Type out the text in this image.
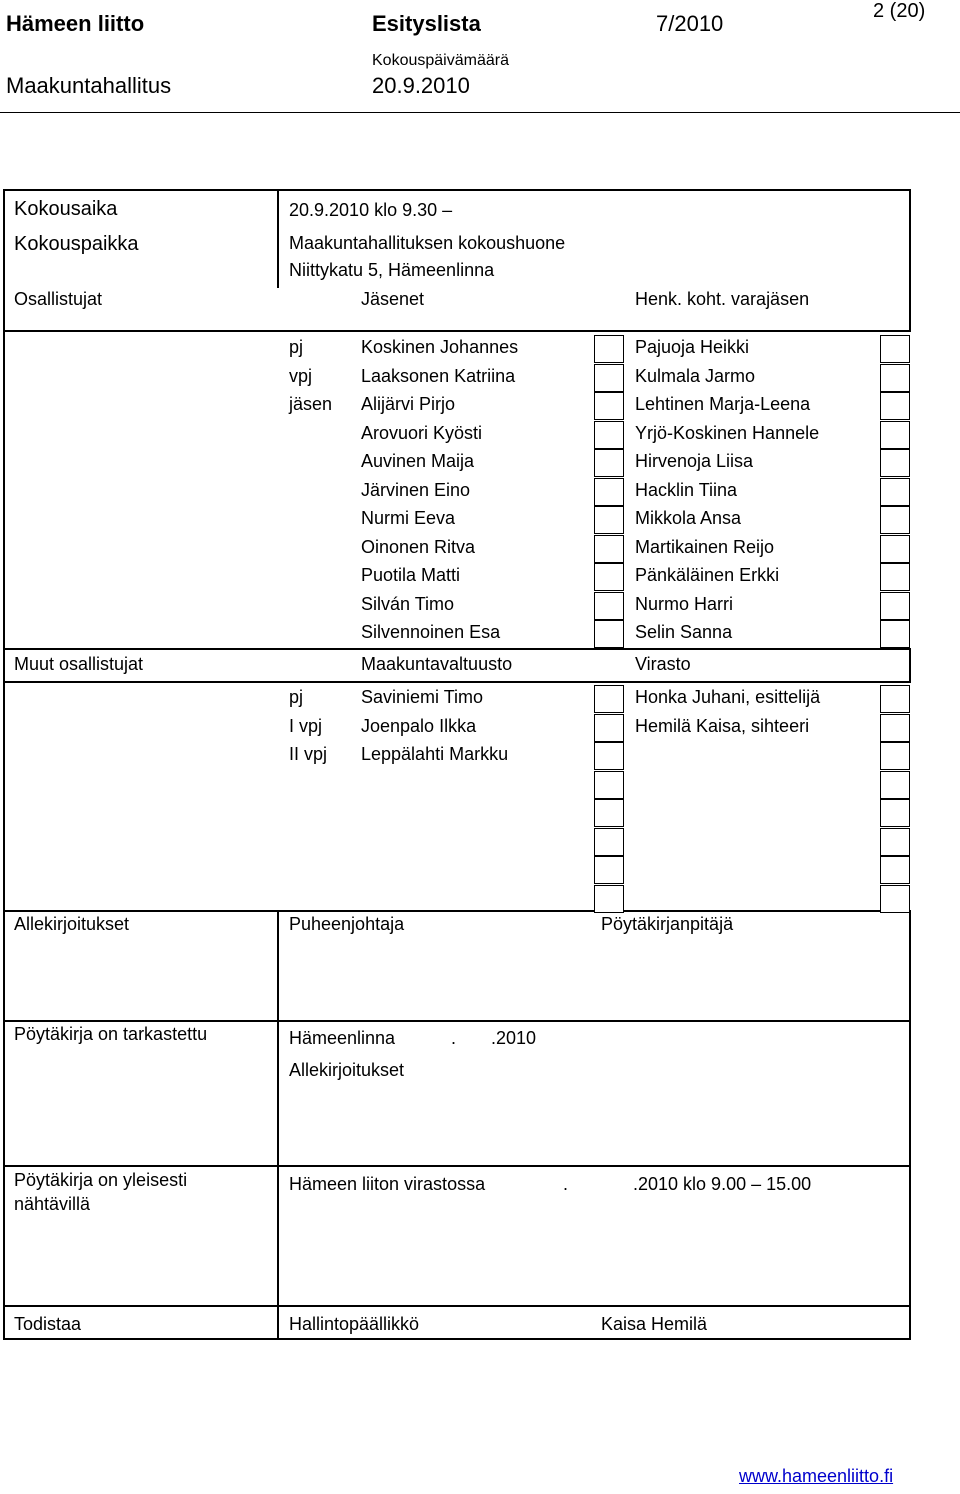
Hämeen liitto	Esityslista	7/2010	2 (20)
Kokouspäivämäärä
Maakuntahallitus	20.9.2010
Kokousaika	20.9.2010 klo 9.30 –
Kokouspaikka	Maakuntahallituksen kokoushuone
Niittykatu 5, Hämeenlinna
Osallistujat	Jäsenet	Henk. koht. varajäsen
pj	Koskinen Johannes	Pajuoja Heikki
vpj	Laaksonen Katriina	Kulmala Jarmo
jäsen Alijärvi Pirjo	Lehtinen Marja-Leena
Arovuori Kyösti	Yrjö-Koskinen Hannele
Auvinen Maija	Hirvenoja Liisa
Järvinen Eino	Hacklin Tiina
Nurmi Eeva	Mikkola Ansa
Oinonen Ritva	Martikainen Reijo
Puotila Matti	Pänkäläinen Erkki
Silván Timo	Nurmo Harri
Silvennoinen Esa	Selin Sanna
Muut osallistujat	Maakuntavaltuusto	Virasto
pj	Saviniemi Timo	Honka Juhani, esittelijä
I vpj Joenpalo Ilkka	Hemilä Kaisa, sihteeri
II vpj Leppälahti Markku
Allekirjoitukset	Puheenjohtaja	Pöytäkirjanpitäjä
Pöytäkirja on tarkastettu	Hämeenlinna	. .2010
Allekirjoitukset
Pöytäkirja on yleisesti
nähtävillä
Hämeen liiton virastossa	.	.2010 klo 9.00 – 15.00
Todistaa	Hallintopäällikkö	Kaisa Hemilä
www.hameenliitto.fi
